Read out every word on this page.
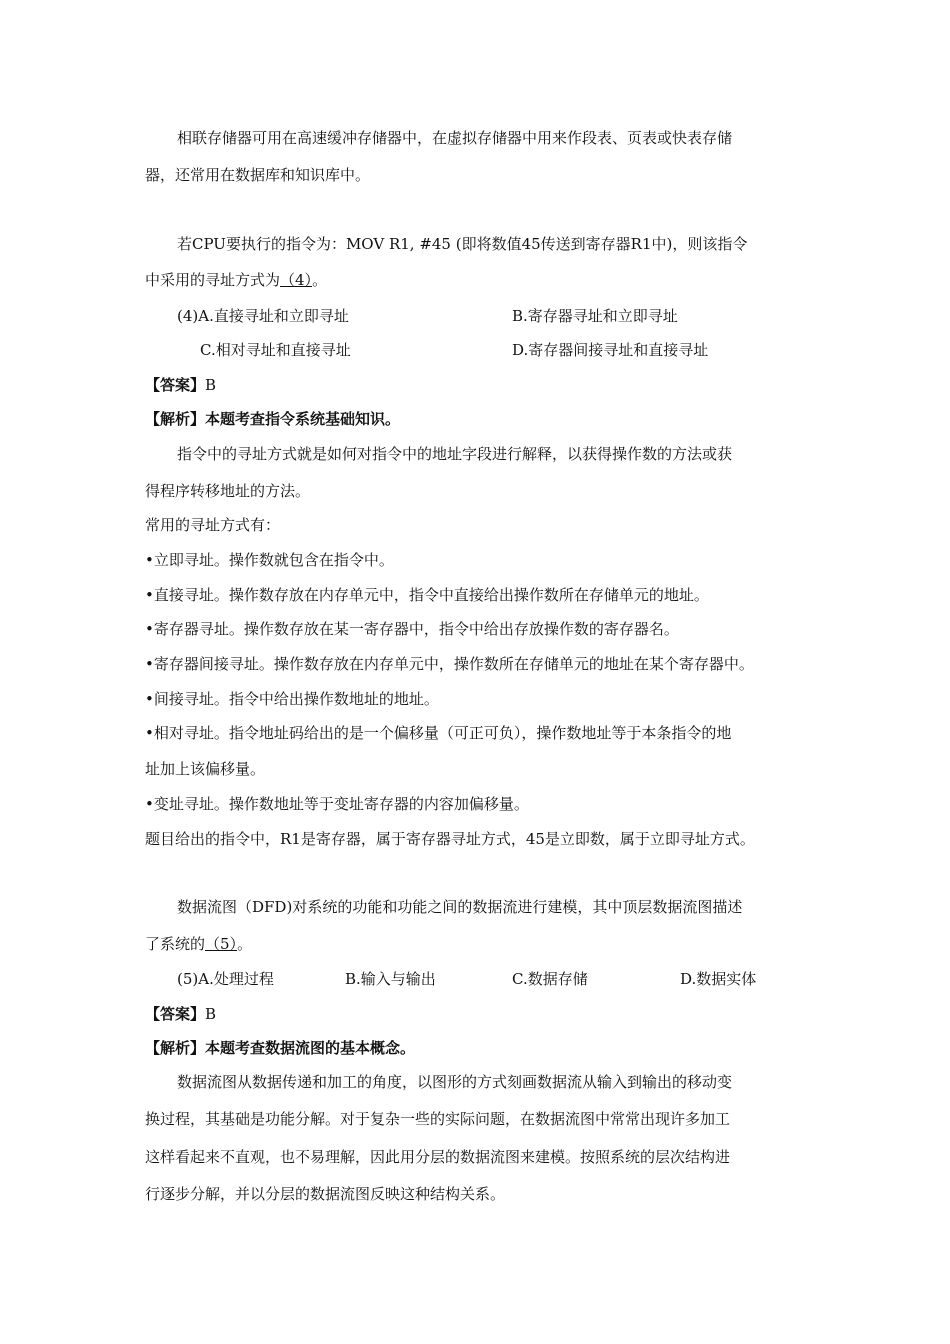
相联存储器可用在高速缓冲存储器中，在虚拟存储器中用来作段表、页表或快表存储
器，还常用在数据库和知识库中。
若CPU要执行的指令为：MOV R1, #45 (即将数值45传送到寄存器R1中)，则该指令
中采用的寻址方式为（4）。
(4)A.直接寻址和立即寻址	B.寄存器寻址和立即寻址
C.相对寻址和直接寻址	D.寄存器间接寻址和直接寻址
【答案】B
【解析】本题考查指令系统基础知识。
指令中的寻址方式就是如何对指令中的地址字段进行解释，以获得操作数的方法或获
得程序转移地址的方法。
常用的寻址方式有：
•立即寻址。操作数就包含在指令中。
•直接寻址。操作数存放在内存单元中，指令中直接给出操作数所在存储单元的地址。
•寄存器寻址。操作数存放在某一寄存器中，指令中给出存放操作数的寄存器名。
•寄存器间接寻址。操作数存放在内存单元中，操作数所在存储单元的地址在某个寄存器中。
•间接寻址。指令中给出操作数地址的地址。
•相对寻址。指令地址码给出的是一个偏移量（可正可负），操作数地址等于本条指令的地
址加上该偏移量。
•变址寻址。操作数地址等于变址寄存器的内容加偏移量。
题目给出的指令中，R1是寄存器，属于寄存器寻址方式，45是立即数，属于立即寻址方式。
数据流图（DFD)对系统的功能和功能之间的数据流进行建模，其中顶层数据流图描述
了系统的（5）。
(5)A.处理过程	B.输入与输出	C.数据存储	D.数据实体
【答案】B
【解析】本题考查数据流图的基本概念。
数据流图从数据传递和加工的角度，以图形的方式刻画数据流从输入到输出的移动变
换过程，其基础是功能分解。对于复杂一些的实际问题，在数据流图中常常出现许多加工
这样看起来不直观，也不易理解，因此用分层的数据流图来建模。按照系统的层次结构进
行逐步分解，并以分层的数据流图反映这种结构关系。
